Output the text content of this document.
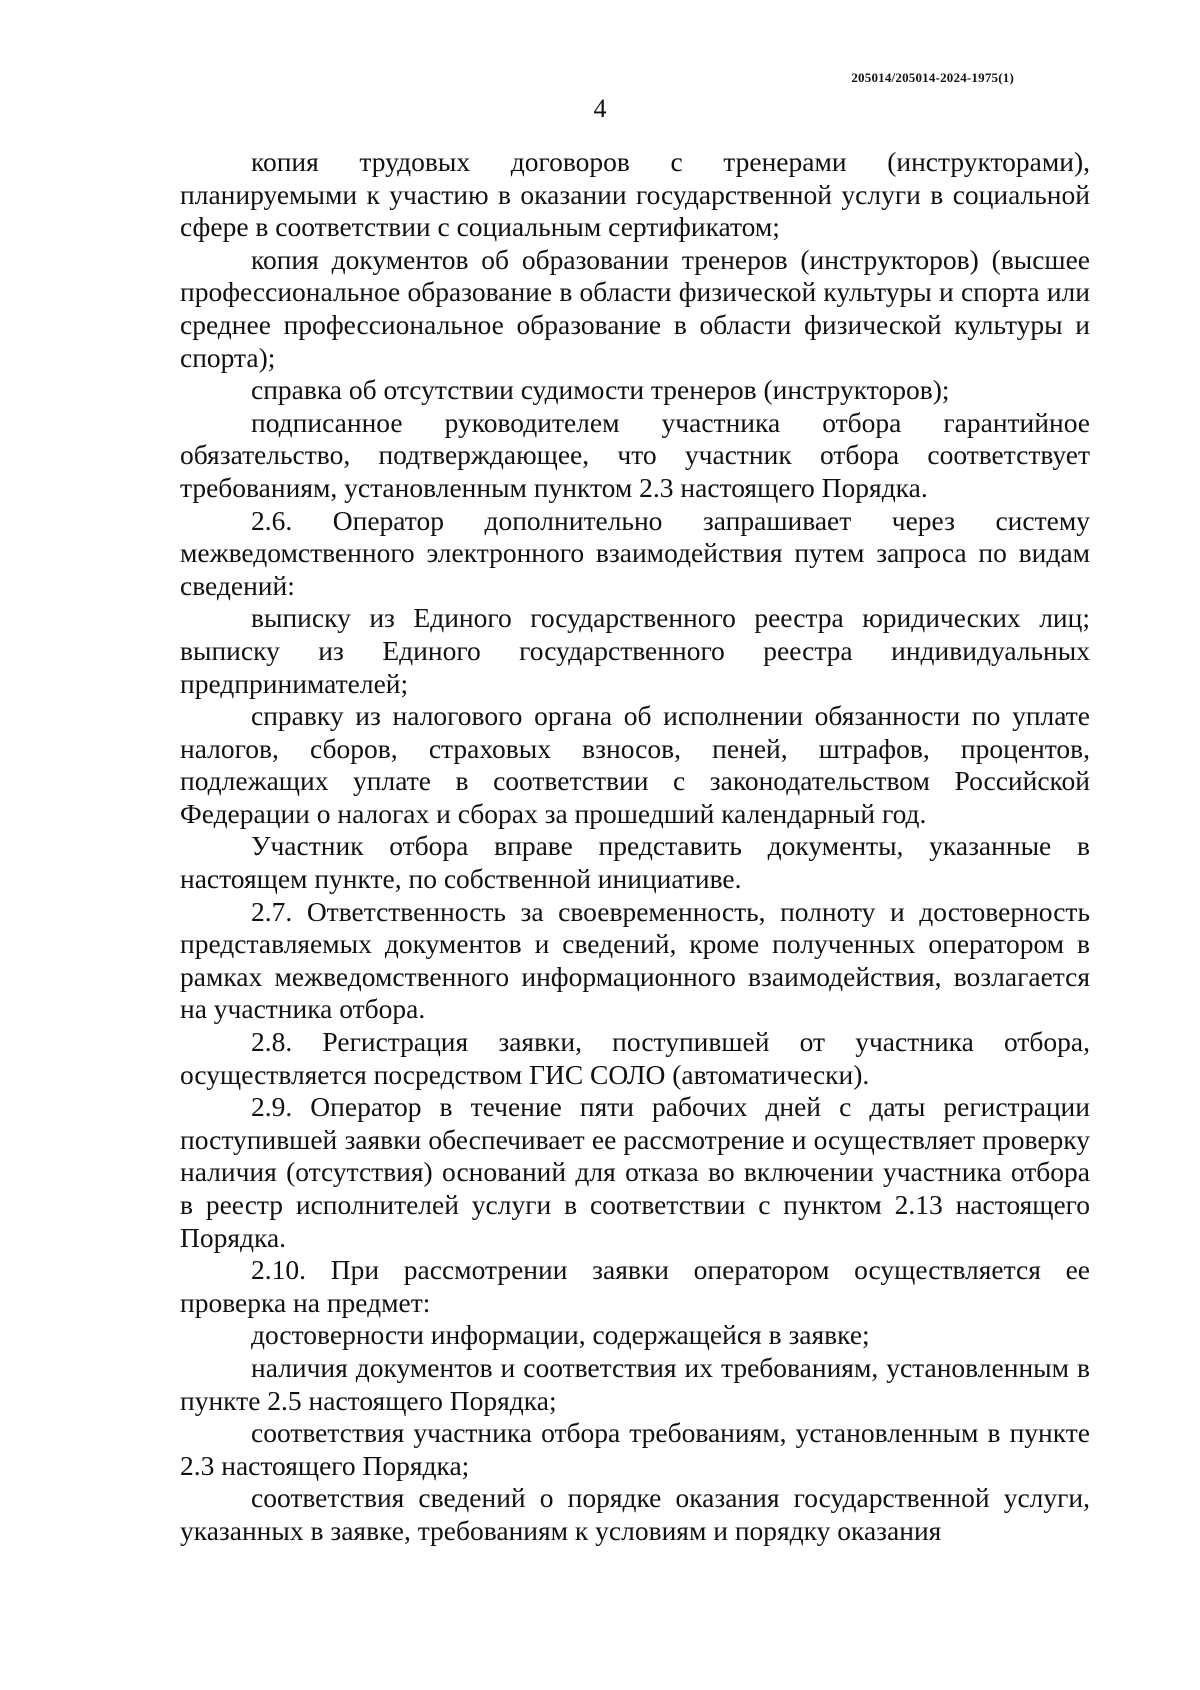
205014/205014-2024-1975(1)
4

копия трудовых договоров с тренерами (инструкторами), планируемыми к участию в оказании государственной услуги в социальной сфере в соответствии с социальным сертификатом;

копия документов об образовании тренеров (инструкторов) (высшее профессиональное образование в области физической культуры и спорта или среднее профессиональное образование в области физической культуры и спорта);

справка об отсутствии судимости тренеров (инструкторов);

подписанное руководителем участника отбора гарантийное обязательство, подтверждающее, что участник отбора соответствует требованиям, установленным пунктом 2.3 настоящего Порядка.

2.6. Оператор дополнительно запрашивает через систему межведомственного электронного взаимодействия путем запроса по видам сведений:

выписку из Единого государственного реестра юридических лиц; выписку из Единого государственного реестра индивидуальных предпринимателей;

справку из налогового органа об исполнении обязанности по уплате налогов, сборов, страховых взносов, пеней, штрафов, процентов, подлежащих уплате в соответствии с законодательством Российской Федерации о налогах и сборах за прошедший календарный год.

Участник отбора вправе представить документы, указанные в настоящем пункте, по собственной инициативе.

2.7. Ответственность за своевременность, полноту и достоверность представляемых документов и сведений, кроме полученных оператором в рамках межведомственного информационного взаимодействия, возлагается на участника отбора.

2.8. Регистрация заявки, поступившей от участника отбора, осуществляется посредством ГИС СОЛО (автоматически).

2.9. Оператор в течение пяти рабочих дней с даты регистрации поступившей заявки обеспечивает ее рассмотрение и осуществляет проверку наличия (отсутствия) оснований для отказа во включении участника отбора в реестр исполнителей услуги в соответствии с пунктом 2.13 настоящего Порядка.

2.10. При рассмотрении заявки оператором осуществляется ее проверка на предмет:

достоверности информации, содержащейся в заявке;

наличия документов и соответствия их требованиям, установленным в пункте 2.5 настоящего Порядка;

соответствия участника отбора требованиям, установленным в пункте 2.3 настоящего Порядка;

соответствия сведений о порядке оказания государственной услуги, указанных в заявке, требованиям к условиям и порядку оказания
